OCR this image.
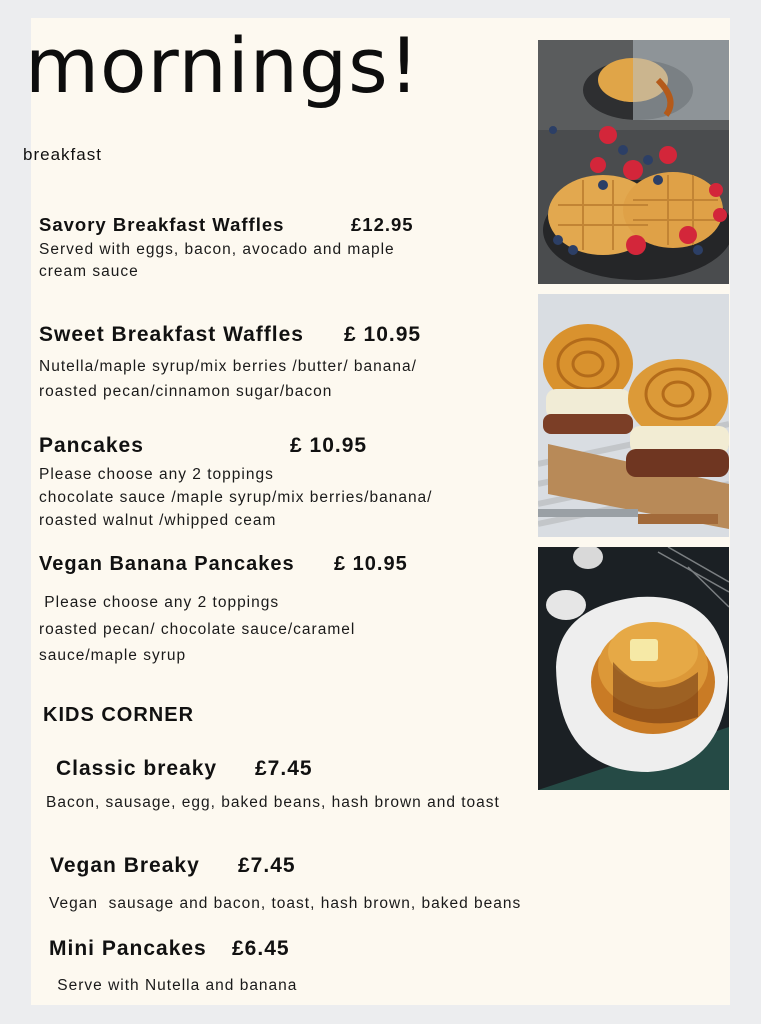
mornings!
breakfast
Savory Breakfast Waffles	£12.95
Served with eggs, bacon, avocado and maple
cream sauce
Sweet Breakfast Waffles £ 10.95
Nutella/maple syrup/mix berries /butter/ banana/
roasted pecan/cinnamon sugar/bacon
Pancakes	£ 10.95
Please choose any 2 toppings
chocolate sauce /maple syrup/mix berries/banana/
roasted walnut /whipped ceam
Vegan Banana Pancakes £ 10.95
Please choose any 2 toppings
roasted pecan/ chocolate sauce/caramel
sauce/maple syrup
KIDS CORNER
Classic breaky £7.45
Bacon, sausage, egg, baked beans, hash brown and toast
Vegan Breaky £7.45
Vegan  sausage and bacon, toast, hash brown, baked beans
Mini Pancakes £6.45
Serve with Nutella and banana
